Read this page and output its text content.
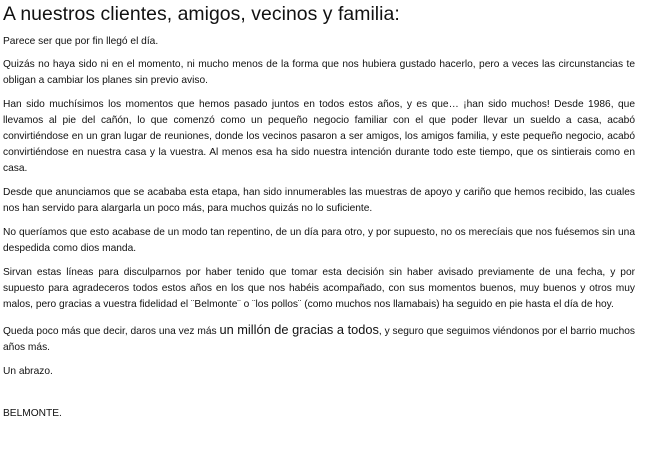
A nuestros clientes, amigos, vecinos y familia:

Parece ser que por fin llegó el día.

Quizás no haya sido ni en el momento, ni mucho menos de la forma que nos hubiera gustado hacerlo, pero a veces las circunstancias te obligan a cambiar los planes sin previo aviso.

Han sido muchísimos los momentos que hemos pasado juntos en todos estos años, y es que… ¡han sido muchos! Desde 1986, que llevamos al pie del cañón, lo que comenzó como un pequeño negocio familiar con el que poder llevar un sueldo a casa, acabó convirtiéndose en un gran lugar de reuniones, donde los vecinos pasaron a ser amigos, los amigos familia, y este pequeño negocio, acabó convirtiéndose en nuestra casa y la vuestra. Al menos esa ha sido nuestra intención durante todo este tiempo, que os sintierais como en casa.

Desde que anunciamos que se acababa esta etapa, han sido innumerables las muestras de apoyo y cariño que hemos recibido, las cuales nos han servido para alargarla un poco más, para muchos quizás no lo suficiente.

No queríamos que esto acabase de un modo tan repentino, de un día para otro, y por supuesto, no os merecíais que nos fuésemos sin una despedida como dios manda.

Sirvan estas líneas para disculparnos por haber tenido que tomar esta decisión sin haber avisado previamente de una fecha, y por supuesto para agradeceros todos estos años en los que nos habéis acompañado, con sus momentos buenos, muy buenos y otros muy malos, pero gracias a vuestra fidelidad el ¨Belmonte¨ o ¨los pollos¨ (como muchos nos llamabais) ha seguido en pie hasta el día de hoy.

Queda poco más que decir, daros una vez más un millón de gracias a todos, y seguro que seguimos viéndonos por el barrio muchos años más.

Un abrazo.

BELMONTE.
